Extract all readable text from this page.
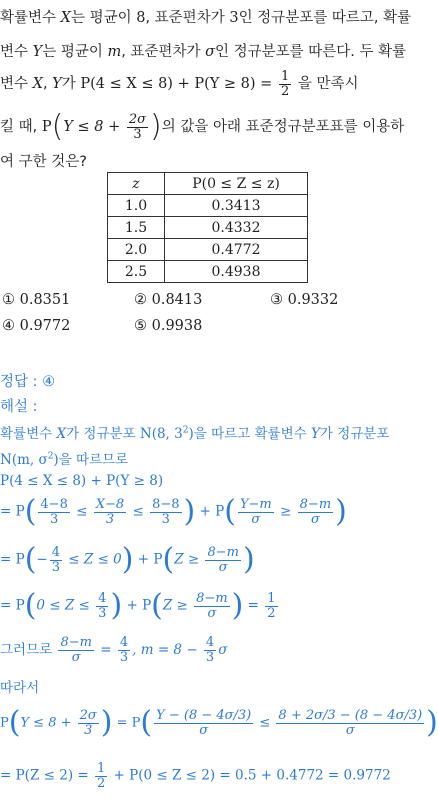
확률변수 X는 평균이 8, 표준편차가 3인 정규분포를 따르고, 확률
변수 Y는 평균이 m, 표준편차가 σ인 정규분포를 따른다. 두 확률
변수 X, Y가 $P(4 \le X \le 8) + P(Y \ge 8) = \frac{1}{2}$ 을 만족시
킬 때, $P(Y \le 8 + \frac{2\sigma}{3}$ )의 값을 아래 표준정규분포표를 이용하
여 구한 것은?
z	P(0 ≤ Z ≤ z)
1.0	0.3413
1.5	0.4332
2.0	0.4772
2.5	0.4938
① 0.8351	② 0.8413	③ 0.9332
④ 0.9772	⑤ 0.9938
정답 : ④
해설 :
확률변수 X가 정규분포 N(8, $3^2$)을 따르고 확률변수 Y가 정규분포
N(m, $\sigma^2$)을 따르므로
P(4 ≤ X ≤ 8) + P(Y ≥ 8)
= $P( \frac{4-8}{3} \le \frac{X-8}{3} \le \frac{8-8}{3}$ ) + $P( \frac{Y-m}{\sigma} \ge \frac{8-m}{\sigma}$ )
= $P(- \frac{4}{3} \le Z \le 0) + P(Z \ge \frac{8-m}{\sigma}$ )
= $P(0 \le Z \le \frac{4}{3}$ ) + $P(Z \ge \frac{8-m}{\sigma}$ ) = $\frac{1}{2}$
그러므로 $\frac{8-m}{\sigma} = \frac{4}{3}$ , $m = 8 - \frac{4}{3}$ σ
따라서
$P(Y \le 8 + \frac{2\sigma}{3}$ ) = $P( \frac{Y - (8 - 4\sigma/3)}{\sigma} \le \frac{8 + 2\sigma/3 - (8 - 4\sigma/3)}{\sigma}$ )
= $P(Z \le 2) = \frac{1}{2} + P(0 \le Z \le 2) = 0.5 + 0.4772 = 0.9772$
